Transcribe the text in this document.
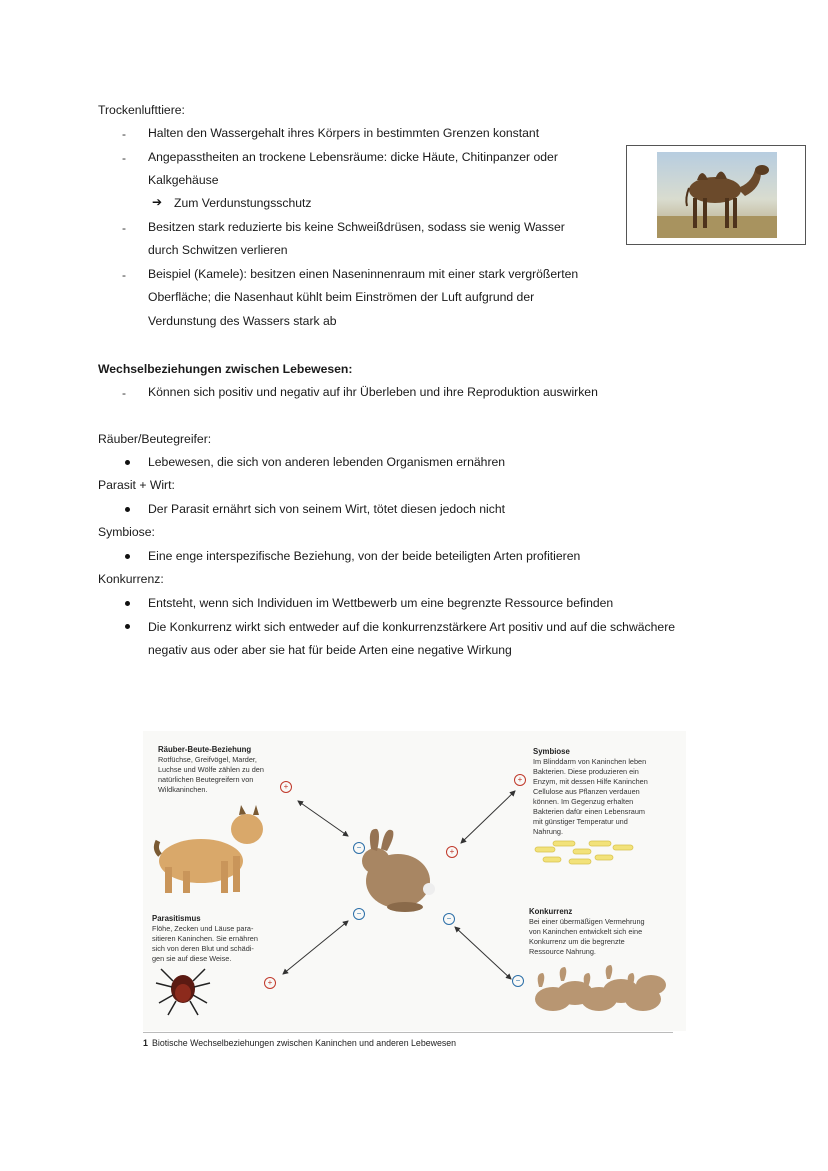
Trockenlufttiere:
- Halten den Wassergehalt ihres Körpers in bestimmten Grenzen konstant
- Angepasstheiten an trockene Lebensräume: dicke Häute, Chitinpanzer oder
Kalkgehäuse
➔ Zum Verdunstungsschutz
- Besitzen stark reduzierte bis keine Schweißdrüsen, sodass sie wenig Wasser
durch Schwitzen verlieren
- Beispiel (Kamele): besitzen einen Naseninnenraum mit einer stark vergrößerten
Oberfläche; die Nasenhaut kühlt beim Einströmen der Luft aufgrund der
Verdunstung des Wassers stark ab
Wechselbeziehungen zwischen Lebewesen:
- Können sich positiv und negativ auf ihr Überleben und ihre Reproduktion auswirken
Räuber/Beutegreifer:
Lebewesen, die sich von anderen lebenden Organismen ernähren
Parasit + Wirt:
Der Parasit ernährt sich von seinem Wirt, tötet diesen jedoch nicht
Symbiose:
Eine enge interspezifische Beziehung, von der beide beteiligten Arten profitieren
Konkurrenz:
Entsteht, wenn sich Individuen im Wettbewerb um eine begrenzte Ressource befinden
Die Konkurrenz wirkt sich entweder auf die konkurrenzstärkere Art positiv und auf die schwächere
negativ aus oder aber sie hat für beide Arten eine negative Wirkung
+
−	+
+
−
+
−
−
Räuber-Beute-Beziehung
Rotfüchse, Greifvögel, Marder,
Luchse und Wölfe zählen zu den
natürlichen Beutegreifern von
Wildkaninchen.
Symbiose
Im Blinddarm von Kaninchen leben
Bakterien. Diese produzieren ein
Enzym, mit dessen Hilfe Kaninchen
Cellulose aus Pflanzen verdauen
können. Im Gegenzug erhalten
Bakterien dafür einen Lebensraum
mit günstiger Temperatur und
Nahrung.
Parasitismus
Flöhe, Zecken und Läuse para-
sitieren Kaninchen. Sie ernähren
sich von deren Blut und schädi-
gen sie auf diese Weise.
Konkurrenz
Bei einer übermäßigen Vermehrung
von Kaninchen entwickelt sich eine
Konkurrenz um die begrenzte
Ressource Nahrung.
1 Biotische Wechselbeziehungen zwischen Kaninchen und anderen Lebewesen
